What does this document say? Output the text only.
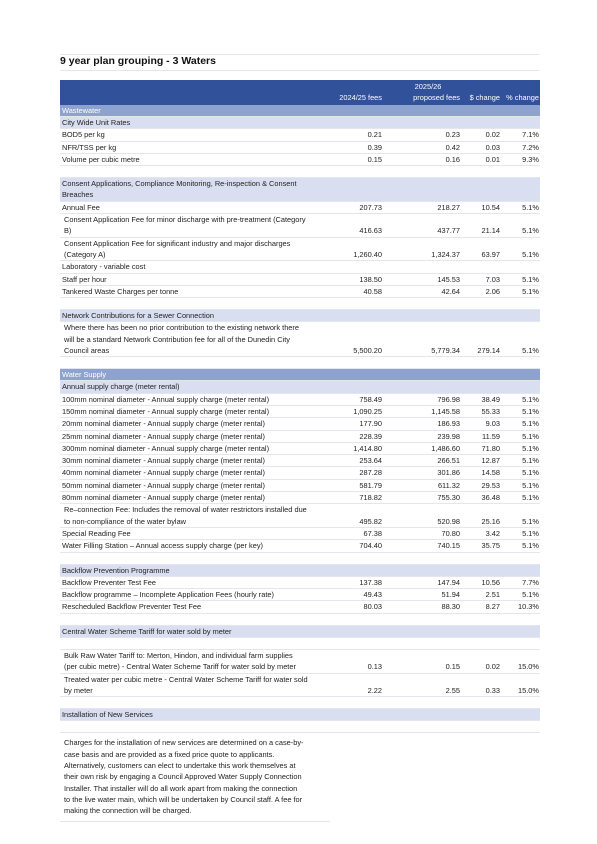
9 year plan grouping - 3 Waters
2024/25 fees
2025/26
proposed fees	$ change % change
Wastewater
City Wide Unit Rates
BOD5 per kg	0.21	0.23	0.02	7.1%
NFR/TSS per kg	0.39	0.42	0.03	7.2%
Volume per cubic metre	0.15	0.16	0.01	9.3%
Consent Applications, Compliance Monitoring, Re-inspection & Consent
Breaches
Annual Fee	207.73	218.27	10.54	5.1%
Consent Application Fee for minor discharge with pre-treatment (Category
B)	416.63	437.77	21.14	5.1%
Consent Application Fee for significant industry and major discharges
(Category A)	1,260.40	1,324.37	63.97	5.1%
Laboratory - variable cost
Staff per hour	138.50	145.53	7.03	5.1%
Tankered Waste Charges per tonne	40.58	42.64	2.06	5.1%
Network Contributions for a Sewer Connection
Where there has been no prior contribution to the existing network there
will be a standard Network Contribution fee for all of the Dunedin City
Council areas	5,500.20	5,779.34	279.14	5.1%
Water Supply
Annual supply charge (meter rental)
100mm nominal diameter - Annual supply charge (meter rental)	758.49	796.98	38.49	5.1%
150mm nominal diameter - Annual supply charge (meter rental)	1,090.25	1,145.58	55.33	5.1%
20mm nominal diameter - Annual supply charge (meter rental)	177.90	186.93	9.03	5.1%
25mm nominal diameter - Annual supply charge (meter rental)	228.39	239.98	11.59	5.1%
300mm nominal diameter - Annual supply charge (meter rental)	1,414.80	1,486.60	71.80	5.1%
30mm nominal diameter - Annual supply charge (meter rental)	253.64	266.51	12.87	5.1%
40mm nominal diameter - Annual supply charge (meter rental)	287.28	301.86	14.58	5.1%
50mm nominal diameter - Annual supply charge (meter rental)	581.79	611.32	29.53	5.1%
80mm nominal diameter - Annual supply charge (meter rental)	718.82	755.30	36.48	5.1%
Re–connection Fee: Includes the removal of water restrictors installed due
to non-compliance of the water bylaw	495.82	520.98	25.16	5.1%
Special Reading Fee	67.38	70.80	3.42	5.1%
Water Filling Station – Annual access supply charge (per key)	704.40	740.15	35.75	5.1%
Backflow Prevention Programme
Backflow Preventer Test Fee	137.38	147.94	10.56	7.7%
Backflow programme – Incomplete Application Fees (hourly rate)	49.43	51.94	2.51	5.1%
Rescheduled Backflow Preventer Test Fee	80.03	88.30	8.27	10.3%
Central Water Scheme Tariff for water sold by meter
Bulk Raw Water Tariff to: Merton, Hindon, and individual farm supplies
(per cubic metre) - Central Water Scheme Tariff for water sold by meter	0.13	0.15	0.02	15.0%
Treated water per cubic metre - Central Water Scheme Tariff for water sold
by meter	2.22	2.55	0.33	15.0%
Installation of New Services
Charges for the installation of new services are determined on a case-by-
case basis and are provided as a fixed price quote to applicants.
Alternatively, customers can elect to undertake this work themselves at
their own risk by engaging a Council Approved Water Supply Connection
Installer. That installer will do all work apart from making the connection
to the live water main, which will be undertaken by Council staff. A fee for
making the connection will be charged.
